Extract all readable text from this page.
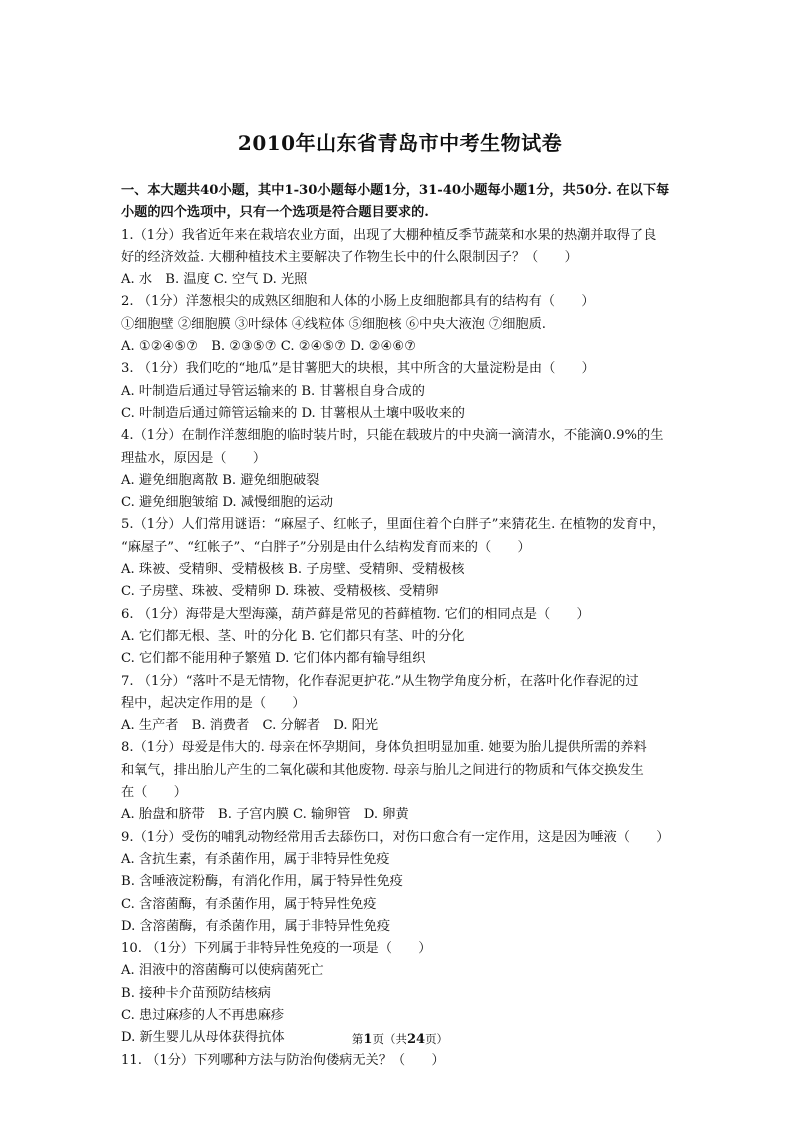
2010年山东省青岛市中考生物试卷
一、本大题共40小题，其中1-30小题每小题1分，31-40小题每小题1分，共50分. 在以下每
小题的四个选项中，只有一个选项是符合题目要求的.
1.（1分）我省近年来在栽培农业方面，出现了大棚种植反季节蔬菜和水果的热潮并取得了良
好的经济效益. 大棚种植技术主要解决了作物生长中的什么限制因子？（　　）
A. 水　B. 温度 C. 空气 D. 光照
2. （1分）洋葱根尖的成熟区细胞和人体的小肠上皮细胞都具有的结构有（　　）
①细胞壁 ②细胞膜 ③叶绿体 ④线粒体 ⑤细胞核 ⑥中央大液泡 ⑦细胞质.
A. ①②④⑤⑦　B. ②③⑤⑦ C. ②④⑤⑦ D. ②④⑥⑦
3. （1分）我们吃的“地瓜”是甘薯肥大的块根，其中所含的大量淀粉是由（　　）
A. 叶制造后通过导管运输来的 B. 甘薯根自身合成的
C. 叶制造后通过筛管运输来的 D. 甘薯根从土壤中吸收来的
4.（1分）在制作洋葱细胞的临时装片时，只能在载玻片的中央滴一滴清水，不能滴0.9%的生
理盐水，原因是（　　）
A. 避免细胞离散 B. 避免细胞破裂
C. 避免细胞皱缩 D. 减慢细胞的运动
5.（1分）人们常用谜语：“麻屋子、红帐子，里面住着个白胖子”来猜花生. 在植物的发育中，
“麻屋子”、“红帐子”、“白胖子”分别是由什么结构发育而来的（　　）
A. 珠被、受精卵、受精极核 B. 子房壁、受精卵、受精极核
C. 子房壁、珠被、受精卵 D. 珠被、受精极核、受精卵
6. （1分）海带是大型海藻，葫芦藓是常见的苔藓植物. 它们的相同点是（　　）
A. 它们都无根、茎、叶的分化 B. 它们都只有茎、叶的分化
C. 它们都不能用种子繁殖 D. 它们体内都有输导组织
7. （1分）“落叶不是无情物，化作春泥更护花.”从生物学角度分析，在落叶化作春泥的过
程中，起决定作用的是（　　）
A. 生产者　B. 消费者　C. 分解者　D. 阳光
8.（1分）母爱是伟大的. 母亲在怀孕期间，身体负担明显加重. 她要为胎儿提供所需的养料
和氧气，排出胎儿产生的二氧化碳和其他废物. 母亲与胎儿之间进行的物质和气体交换发生
在（　　）
A. 胎盘和脐带　B. 子宫内膜 C. 输卵管　D. 卵黄
9.（1分）受伤的哺乳动物经常用舌去舔伤口，对伤口愈合有一定作用，这是因为唾液（　　）
A. 含抗生素，有杀菌作用，属于非特异性免疫
B. 含唾液淀粉酶，有消化作用，属于特异性免疫
C. 含溶菌酶，有杀菌作用，属于特异性免疫
D. 含溶菌酶，有杀菌作用，属于非特异性免疫
10. （1分）下列属于非特异性免疫的一项是（　　）
A. 泪液中的溶菌酶可以使病菌死亡
B. 接种卡介苗预防结核病
C. 患过麻疹的人不再患麻疹
D. 新生婴儿从母体获得抗体
11. （1分）下列哪种方法与防治佝偻病无关？（　　）
第1页（共24页）
